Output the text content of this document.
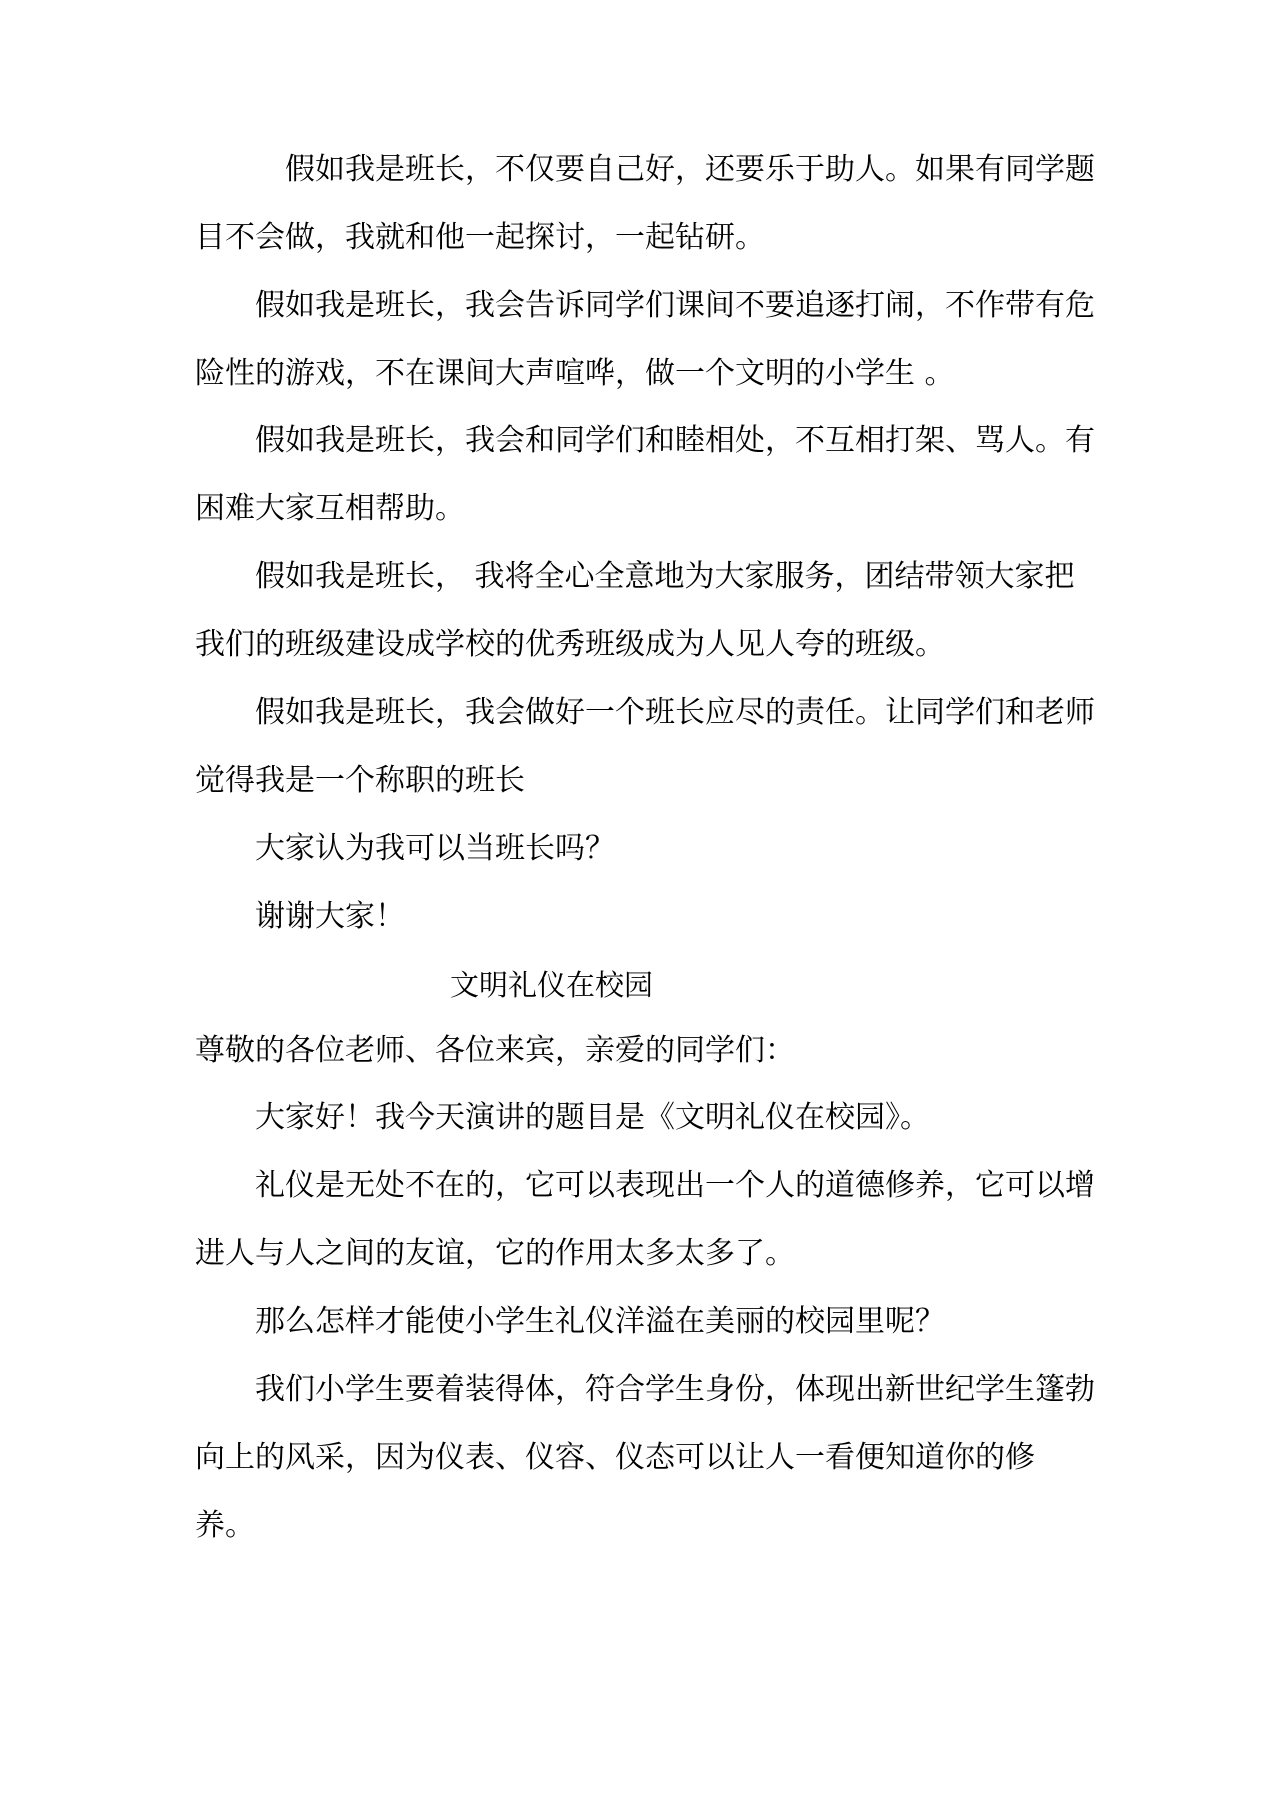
假如我是班长，不仅要自己好，还要乐于助人。如果有同学题
目不会做，我就和他一起探讨，一起钻研。
假如我是班长，我会告诉同学们课间不要追逐打闹，不作带有危
险性的游戏，不在课间大声喧哗，做一个文明的小学生 。
假如我是班长，我会和同学们和睦相处，不互相打架、骂人。有
困难大家互相帮助。
假如我是班长， 我将全心全意地为大家服务，团结带领大家把
我们的班级建设成学校的优秀班级成为人见人夸的班级。
假如我是班长，我会做好一个班长应尽的责任。让同学们和老师
觉得我是一个称职的班长
大家认为我可以当班长吗？
谢谢大家！
文明礼仪在校园
尊敬的各位老师、各位来宾，亲爱的同学们：
大家好！我今天演讲的题目是《文明礼仪在校园》。
礼仪是无处不在的，它可以表现出一个人的道德修养，它可以增
进人与人之间的友谊，它的作用太多太多了。
那么怎样才能使小学生礼仪洋溢在美丽的校园里呢？
我们小学生要着装得体，符合学生身份，体现出新世纪学生篷勃
向上的风采，因为仪表、仪容、仪态可以让人一看便知道你的修
养。
